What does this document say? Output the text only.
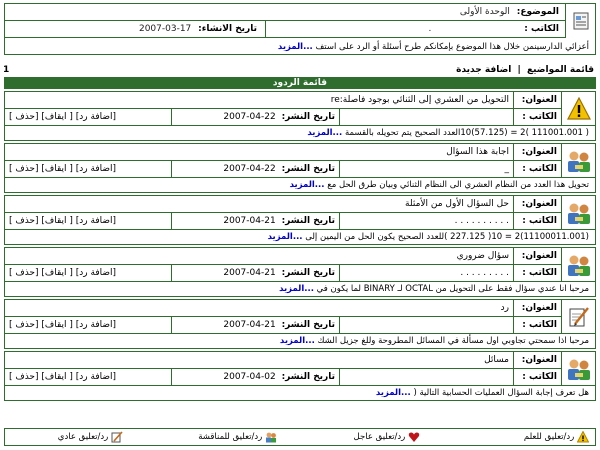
الموضوع: الوحدة الأولى
الكاتب : .
تاريخ الانشاء: 17-03-2007
أعزائي الدارسينمن خلال هذا الموضوع بإمكانكم طرح أسئلة أو الرد على استف ...المزيد
1	قائمة المواضيع | اضافة جديدة
قائمة الردود
العنوان:
التحويل من العشري إلى الثنائي بوجود فاصلة:re
الكاتب :
تاريخ النشر: 22-04-2007
[اضافة رد] [ ايقاف] [حذف ]
( 111001.001 )2 = (57.125)10العدد الصحيح يتم تحويله بالقسمة ...المزيد
العنوان:
اجابة هذا السؤال
الكاتب :
_
تاريخ النشر: 22-04-2007
[اضافة رد] [ ايقاف] [حذف ]
تحويل هذا العدد من النظام العشري الى النظام الثنائي وبيان طرق الحل مع ...المزيد
العنوان:
حل السؤال الأول من الأمثلة
الكاتب :
. . . . . . . . . .
تاريخ النشر: 21-04-2007
[اضافة رد] [ ايقاف] [حذف ]
(11100011.001)2 = 10( 227.125 )للعدد الصحيح يكون الحل من اليمين إلى ...المزيد
العنوان:
سؤال ضروري
الكاتب :
. . . . . . . . .
تاريخ النشر: 21-04-2007
[اضافة رد] [ ايقاف] [حذف ]
مرحبا انا عندي سؤال فقط على التحويل من OCTAL لـ BINARY لما يكون في ...المزيد
العنوان:
رد
الكاتب :
تاريخ النشر: 21-04-2007
[اضافة رد] [ ايقاف] [حذف ]
مرحبا اذا سمحتي تجاوبي اول مسألة في المسائل المطروحة وللغ جزيل الشك ...المزيد
العنوان:
مسائل
الكاتب :
تاريخ النشر: 02-04-2007
[اضافة رد] [ ايقاف] [حذف ]
هل تعرف إجابة السؤال العمليات الحسابية التالية ( ...المزيد
رد/تعليق للعلم
رد/تعليق عاجل
رد/تعليق للمناقشة
رد/تعليق عادي
